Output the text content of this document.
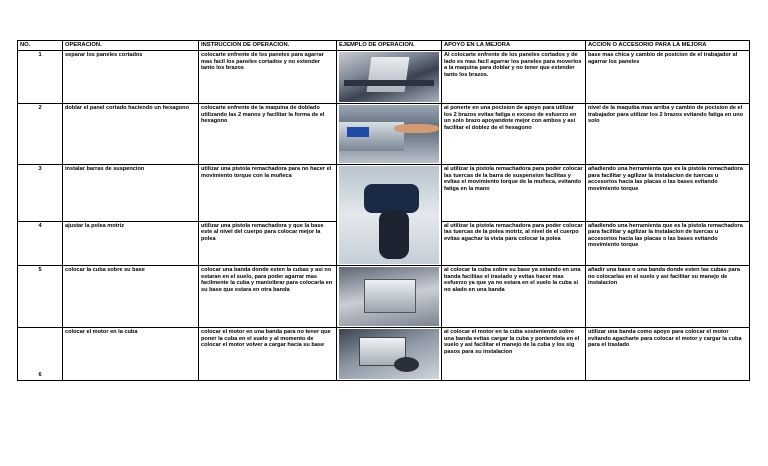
NO.	OPERACION.	INSTRUCCION DE OPERACION.	EJEMPLO DE OPERACION.	APOYO EN LA MEJORA	ACCION O ACCESORIO PARA LA MEJORA
1	separar los paneles cortados	colocarte enfrente de los paneles para agarrar mas facil los paneles cortados y no extender tanto los brazos		Al colocarte enfrente de los paneles cortados y de lado es mas facil agarrar los paneles para moverlos a la maquina para doblar y no tener que extender tanto los brazos.	base mas chica y cambio de posicion de el trabajador al agarrar los paneles
2	doblar el panel cortado haciendo un hexagono	colocarte enfrente de la maquina de doblado utilizando las 2 manos y facilitar la forma de el hexagono		al ponerte en una pocision de apoyo para utilizar los 2 brazos evitas fatiga o exceso de esfuerzo en un solo brazo apoyandote mejor con ambos y asi facilitar el doblez de el hexagono	nivel de la maquiba mas arriba y cambio de pocision de el trabajador para utilizar los 2 brazos evitando fatiga en uno solo
3	instalar barras de suspencion	utilizar una pistola remachadora para no hacer el movimiento torque con la muñeca		al utilizar la pistola remachadora para poder colocar las tuercas de la barra de suspension facilitas y evitas el movimiento torque de la muñeca, evitando fatiga en la mano	añadiendo una herramienta que es la pistola remachadora para facilitar y agilizar la instalacion de tuercas u accesorios hacia las placas o las bases evitando movimiento torque
4	ajustar la polea motriz	utilizar una pistola remachadora y que la base este al nivel del cuerpo para colocar mejor la polea		al utilizar la pistola remachadora para poder colocar las tuercas de la polea motriz, al nivel de el cuerpo evitas agachar la vista para colocar la polea	añadiendo una herramienta que es la pistola remachadora para facilitar y agilizar la instalacion de tuercas u accesorios hacia las placas o las bases evitando movimiento torque
5	colocar la cuba sobre su base	colocar una banda donde esten la cubas y asi no estaran en el suelo, para poder agarrar mas facilmente la cuba y manioibrar para colocarla en su base que estara en otra banda		al colocar la cuba sobre su base ya estando en una banda facilitas el traslado y evitas hacer mas esfuerzo ya que ya no estara en el suelo la cuba si no alado en una banda	añadir una base o una banda donde esten las cubas para no colocarlas en el suelo y asi facilitar su manejo de instalacion
6	colocar el motor en la cuba	colocar el motor en una banda para no tener que poner la cuba en el suelo y al momento de colocar el motor volver a cargar hacia su base		al colocar el motor en la cuba sosteniendo sobre una banda evitas cargar la cuba y poniendola en el suelo y asi facilitar el manejo de la cuba y los sig pasos para su instalacion	utilizar una banda como apoyo para colocar el motor evitando agacharte para colocar el motor y cargar la cuba para el traslado
